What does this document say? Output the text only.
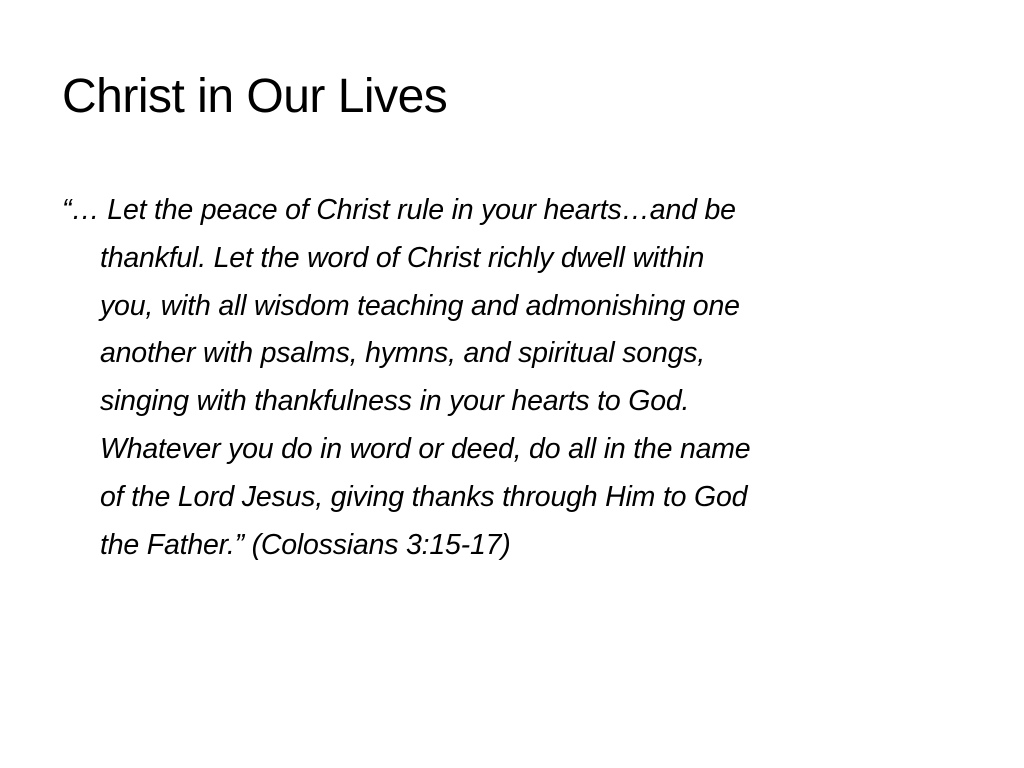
Christ in Our Lives

“… Let the peace of Christ rule in your hearts…and be
thankful. Let the word of Christ richly dwell within
you, with all wisdom teaching and admonishing one
another with psalms, hymns, and spiritual songs,
singing with thankfulness in your hearts to God.
Whatever you do in word or deed, do all in the name
of the Lord Jesus, giving thanks through Him to God
the Father.” (Colossians 3:15-17)
